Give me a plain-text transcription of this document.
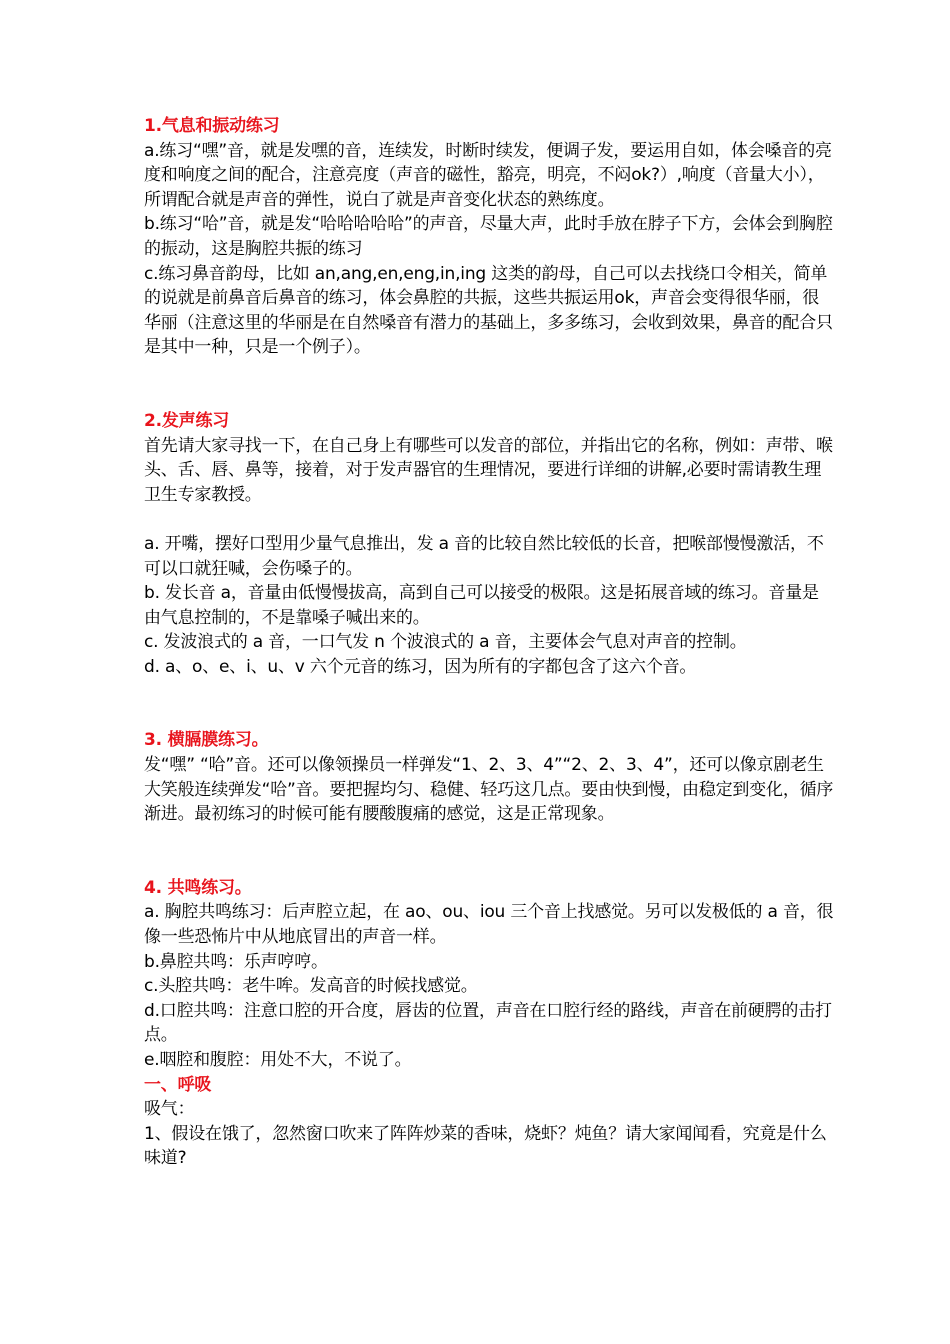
1.气息和振动练习

a.练习“嘿”音，就是发嘿的音，连续发，时断时续发，便调子发，要运用自如，体会嗓音的亮度和响度之间的配合，注意亮度（声音的磁性，豁亮，明亮，不闷ok?）,响度（音量大小），所谓配合就是声音的弹性，说白了就是声音变化状态的熟练度。

b.练习“哈”音，就是发“哈哈哈哈哈”的声音，尽量大声，此时手放在脖子下方，会体会到胸腔的振动，这是胸腔共振的练习

c.练习鼻音韵母，比如 an,ang,en,eng,in,ing 这类的韵母，自己可以去找绕口令相关，简单的说就是前鼻音后鼻音的练习，体会鼻腔的共振，这些共振运用ok，声音会变得很华丽，很华丽（注意这里的华丽是在自然嗓音有潜力的基础上，多多练习，会收到效果，鼻音的配合只是其中一种，只是一个例子）。

2.发声练习

首先请大家寻找一下，在自己身上有哪些可以发音的部位，并指出它的名称，例如：声带、喉头、舌、唇、鼻等，接着，对于发声器官的生理情况，要进行详细的讲解,必要时需请教生理卫生专家教授。

a. 开嘴，摆好口型用少量气息推出，发 a 音的比较自然比较低的长音，把喉部慢慢激活，不可以口就狂喊，会伤嗓子的。

b. 发长音 a，音量由低慢慢拔高，高到自己可以接受的极限。这是拓展音域的练习。音量是由气息控制的，不是靠嗓子喊出来的。

c. 发波浪式的 a 音，一口气发 n 个波浪式的 a 音，主要体会气息对声音的控制。

d. a、o、e、i、u、v 六个元音的练习，因为所有的字都包含了这六个音。

3. 横膈膜练习。

发“嘿” “哈”音。还可以像领操员一样弹发“1、2、3、4”“2、2、3、4”，还可以像京剧老生大笑般连续弹发“哈”音。要把握均匀、稳健、轻巧这几点。要由快到慢，由稳定到变化，循序渐进。最初练习的时候可能有腰酸腹痛的感觉，这是正常现象。

4. 共鸣练习。

a. 胸腔共鸣练习：后声腔立起，在 ao、ou、iou 三个音上找感觉。另可以发极低的 a 音，很像一些恐怖片中从地底冒出的声音一样。

b.鼻腔共鸣：乐声哼哼。

c.头腔共鸣：老牛哞。发高音的时候找感觉。

d.口腔共鸣：注意口腔的开合度，唇齿的位置，声音在口腔行经的路线，声音在前硬腭的击打点。

e.咽腔和腹腔：用处不大，不说了。

一、呼吸

吸气：

1、假设在饿了，忽然窗口吹来了阵阵炒菜的香味，烧虾？炖鱼？请大家闻闻看，究竟是什么味道?
